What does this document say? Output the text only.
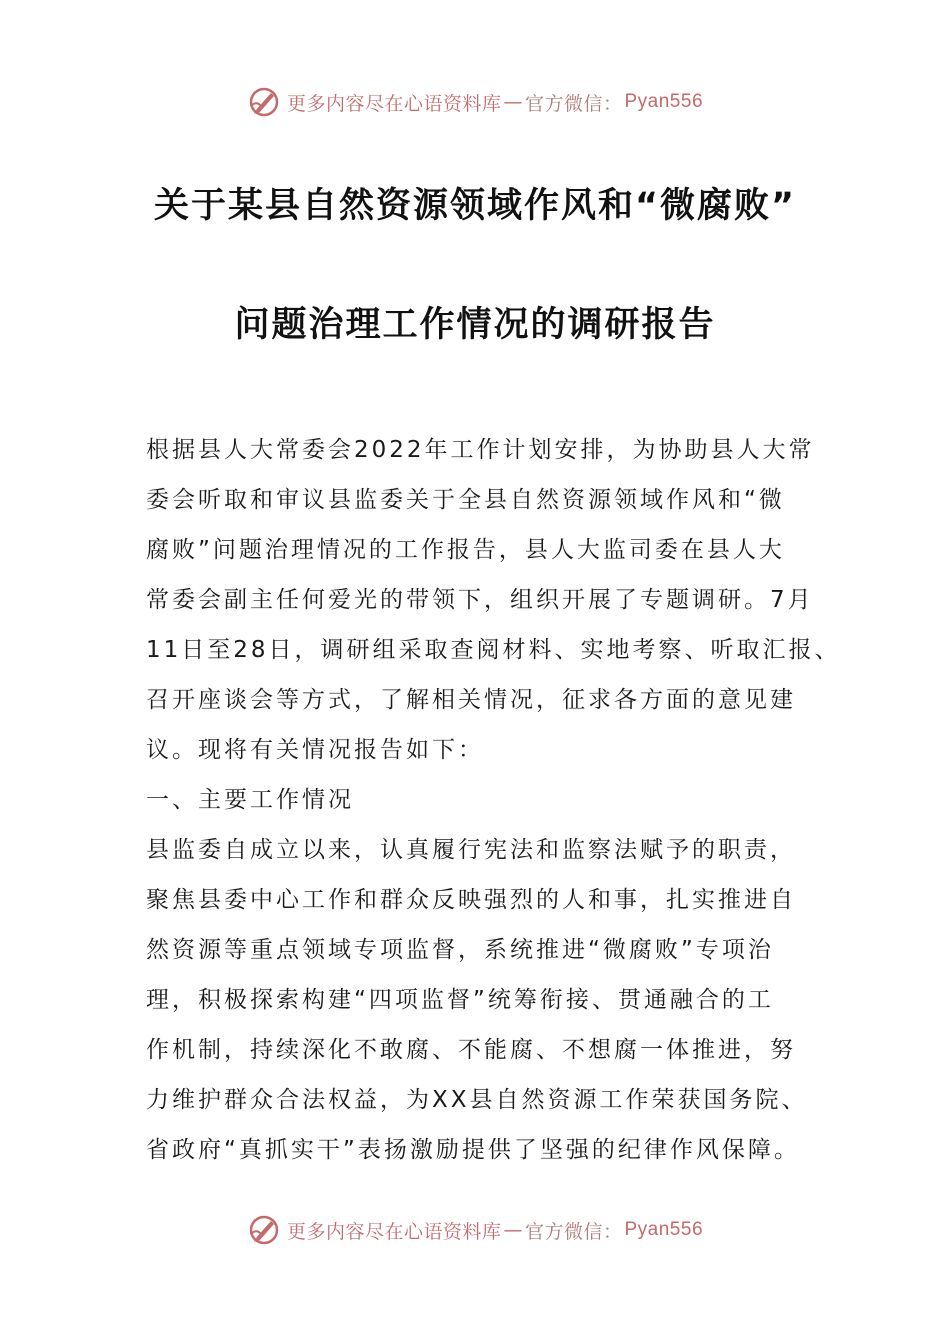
更多内容尽在心语资料库 — 官方微信： Pyan556
关于某县自然资源领域作风和“微腐败”
问题治理工作情况的调研报告
根据县人大常委会2022年工作计划安排，为协助县人大常
委会听取和审议县监委关于全县自然资源领域作风和“微
腐败”问题治理情况的工作报告，县人大监司委在县人大
常委会副主任何爱光的带领下，组织开展了专题调研。7月
11日至28日，调研组采取查阅材料、实地考察、听取汇报、
召开座谈会等方式，了解相关情况，征求各方面的意见建
议。现将有关情况报告如下：
一、主要工作情况
县监委自成立以来，认真履行宪法和监察法赋予的职责，
聚焦县委中心工作和群众反映强烈的人和事，扎实推进自
然资源等重点领域专项监督，系统推进“微腐败”专项治
理，积极探索构建“四项监督”统筹衔接、贯通融合的工
作机制，持续深化不敢腐、不能腐、不想腐一体推进，努
力维护群众合法权益，为XX县自然资源工作荣获国务院、
省政府“真抓实干”表扬激励提供了坚强的纪律作风保障。
更多内容尽在心语资料库 — 官方微信： Pyan556
